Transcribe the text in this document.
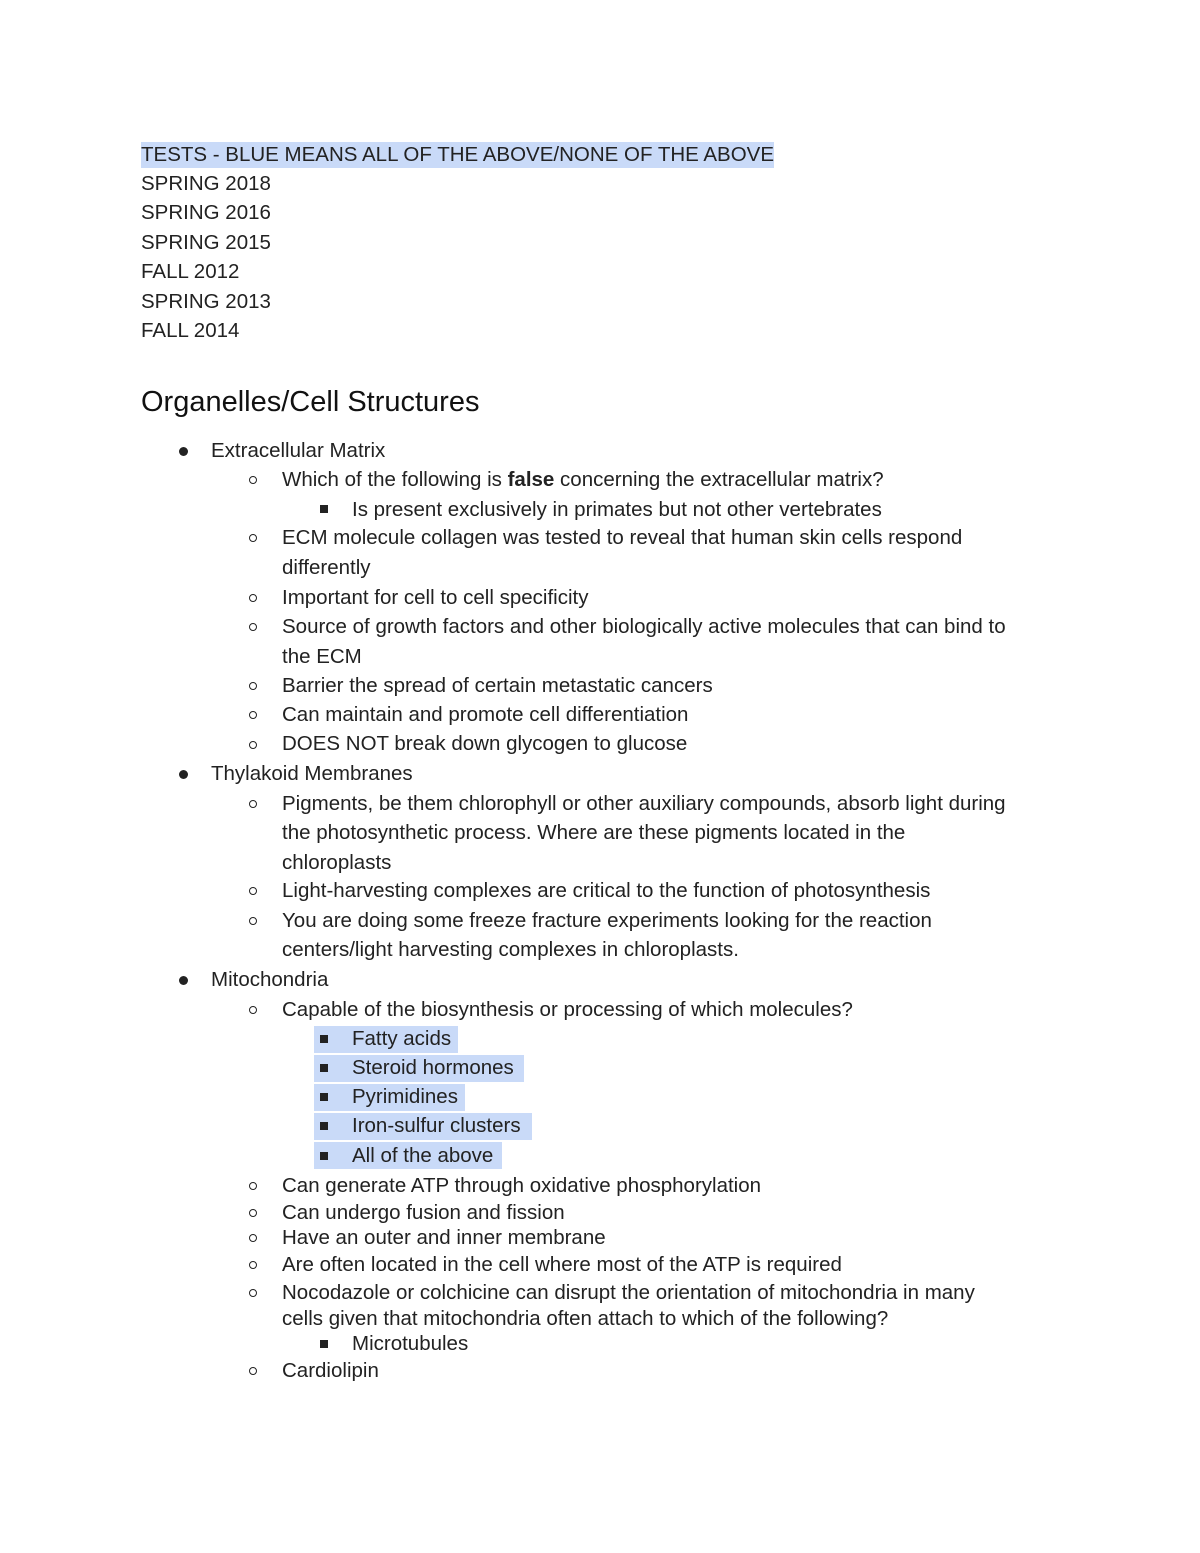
TESTS - BLUE MEANS ALL OF THE ABOVE/NONE OF THE ABOVE
SPRING 2018
SPRING 2016
SPRING 2015
FALL 2012
SPRING 2013
FALL 2014
Organelles/Cell Structures
Extracellular Matrix
Which of the following is false concerning the extracellular matrix?
Is present exclusively in primates but not other vertebrates
ECM molecule collagen was tested to reveal that human skin cells respond
differently
Important for cell to cell specificity
Source of growth factors and other biologically active molecules that can bind to
the ECM
Barrier the spread of certain metastatic cancers
Can maintain and promote cell differentiation
DOES NOT break down glycogen to glucose
Thylakoid Membranes
Pigments, be them chlorophyll or other auxiliary compounds, absorb light during
the photosynthetic process. Where are these pigments located in the
chloroplasts
Light-harvesting complexes are critical to the function of photosynthesis
You are doing some freeze fracture experiments looking for the reaction
centers/light harvesting complexes in chloroplasts.
Mitochondria
Capable of the biosynthesis or processing of which molecules?
Fatty acids
Steroid hormones
Pyrimidines
Iron-sulfur clusters
All of the above
Can generate ATP through oxidative phosphorylation
Can undergo fusion and fission
Have an outer and inner membrane
Are often located in the cell where most of the ATP is required
Nocodazole or colchicine can disrupt the orientation of mitochondria in many
cells given that mitochondria often attach to which of the following?
Microtubules
Cardiolipin
